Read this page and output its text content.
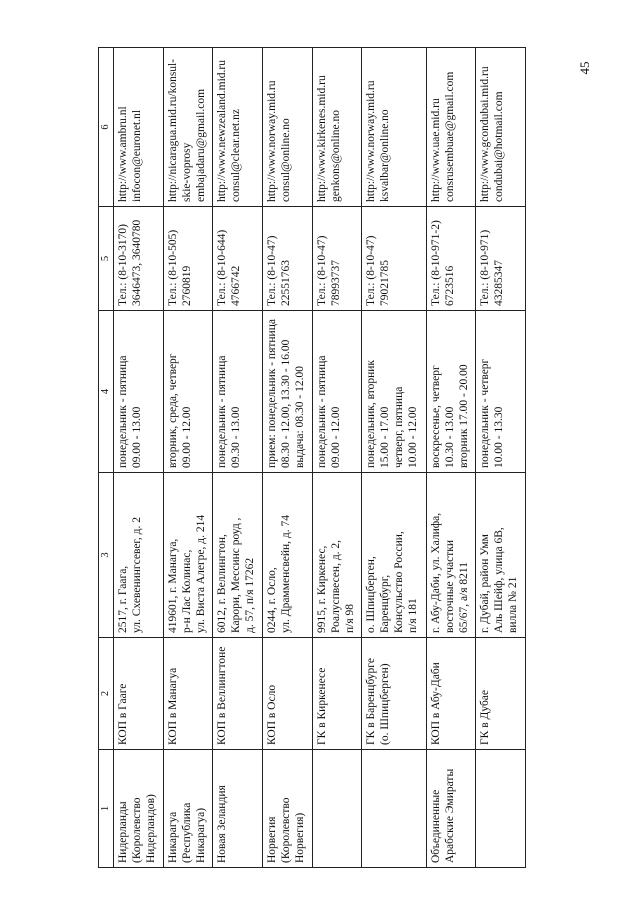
45
1	2	3	4	5	6

Нидерланды
(Королевство
Нидерландов)	КОП в Гааге	2517, г. Гаага,
ул. Схевенингсевег, д. 2	понедельник - пятница
09.00 - 13.00	Тел.: (8-10-3170)
3646473, 3640780	http://www.ambru.nl
infocon@euronet.nl

Никарагуа
(Республика
Никарагуа)	КОП в Манагуа	419601, г. Манагуа,
р-н Лас Колинас,
ул. Виста Алегре, д. 214	вторник, среда, четверг
09.00 - 12.00	Тел.: (8-10-505)
2760819	http://nicaragua.mid.ru/konsul-
skie-voprosy
embajadaru@gmail.com

Новая Зеландия	КОП в Веллингтоне	6012, г. Веллингтон,
Карори, Мессинс роуд ,
д. 57, п/я 17262	понедельник - пятница
09.30 - 13.00	Тел.: (8-10-644)
4766742	http://www.newzealand.mid.ru
consul@clear.net.nz

Норвегия
(Королевство
Норвегия)	КОП в Осло	0244, г. Осло,
ул. Драмменсвейн, д. 74	прием: понедельник - пятница
08.30 - 12.00, 13.30 - 16.00
выдача: 08.30 - 12.00	Тел.: (8-10-47)
22551763	http://www.norway.mid.ru
consul@online.no

	ГК в Киркенесе	9915, г. Киркенес,
Роалуспвесен, д. 2,
п/я 98	понедельник - пятница
09.00 - 12.00	Тел.: (8-10-47)
78993737	http://www.kirkenes.mid.ru
genkons@online.no

	ГК в Баренцбурге
(о. Шпицберген)	о. Шпицберген,
Баренцбург,
Консульство России,
п/я 181	понедельник, вторник
15.00 - 17.00
четверг, пятница
10.00 - 12.00	Тел.: (8-10-47)
79021785	http://www.norway.mid.ru
ksvalbar@online.no

Объединенные
Арабские Эмираты	КОП в Абу-Даби	г. Абу-Даби, ул. Халифа,
восточные участки
65/67, а/я 8211	воскресенье, четверг
10.30 - 13.00
вторник 17.00 - 20.00	Тел.: (8-10-971-2)
6723516	http://www.uae.mid.ru
consrusembuae@gmail.com

	ГК в Дубае	г. Дубай, район Умм
Аль Шейф, улица 6В,
вилла № 21	понедельник - четверг
10.00 - 13.30	Тел.: (8-10-971)
43285347	http://www.gcondubai.mid.ru
condubai@hotmail.com
